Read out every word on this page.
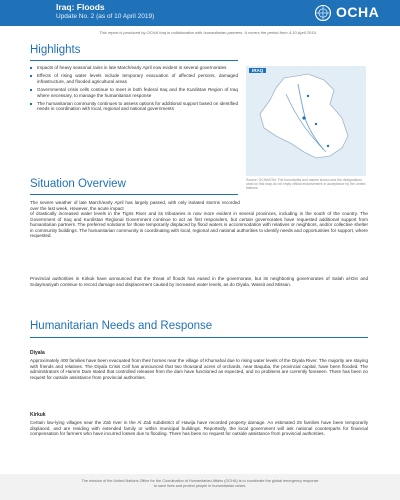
Iraq: Floods
Update No. 2 (as of 10 April 2019)	OCHA
This report is produced by OCHA Iraq in collaboration with humanitarian partners. It covers the period from 4-10 April 2019.
Highlights
Impacts of heavy seasonal rains in late March/early April now evident in several governorates
Effects of rising water levels include temporary evacuation of affected persons, damaged infrastructure, and flooded agricultural areas
Governmental crisis cells continue to meet in both federal Iraq and the Kurdistan Region of Iraq where necessary, to manage the humanitarian response
The humanitarian community continues to assess options for additional support based on identified needs in coordination with local, regional and national governments
IRAQ
Source: OCHA/IOM. The boundaries and names shown and the designations used on this map do not imply official endorsement or acceptance by the United Nations.
Situation Overview
The severe weather of late March/early April has largely passed, with only isolated storms recorded over the last week. However, the acute impact
of drastically increased water levels in the Tigris River and its tributaries is now more evident in several provinces, including in the south of the country. The Government of Iraq and Kurdistan Regional Government continue to act as first responders, but certain governorates have requested additional support from humanitarian partners. The preferred solutions for those temporarily displaced by flood waters is accommodation with relatives or neighbors, and/or collective shelter in community buildings. The humanitarian community is coordinating with local, regional and national authorities to identify needs and opportunities for support, where requested.
Provincial authorities in Kirkuk have announced that the threat of floods has eased in the governorate, but its neighboring governorates of Salah al-Din and Sulaymaniyah continue to record damage and displacement caused by increased water levels, as do Diyala, Wassit and Missan.
Humanitarian Needs and Response
Diyala
Approximately 400 families have been evacuated from their homes near the village of Khumahal due to rising water levels of the Diyala River. The majority are staying with friends and relatives. The Diyala Crisis Cell has announced that two thousand acres of orchards, near Baquba, the provincial capital, have been flooded. The administrators of Hamrin Dam stated that controlled releases from the dam have functioned as expected, and no problems are currently foreseen. There has been no request for outside assistance from provincial authorities.
Kirkuk
Certain low-lying villages near the Zab river in the Al Zab subdistrict of Hawija have recorded property damage. An estimated 25 families have been temporarily displaced, and are residing with extended family or within municipal buildings. Reportedly, the local government will ask national counterparts for financial compensation for farmers who have incurred losses due to flooding. There has been no request for outside assistance from provincial authorities.
The mission of the United Nations Office for the Coordination of Humanitarian Affairs (OCHA) is to coordinate the global emergency response to save lives and protect people in humanitarian crises.
